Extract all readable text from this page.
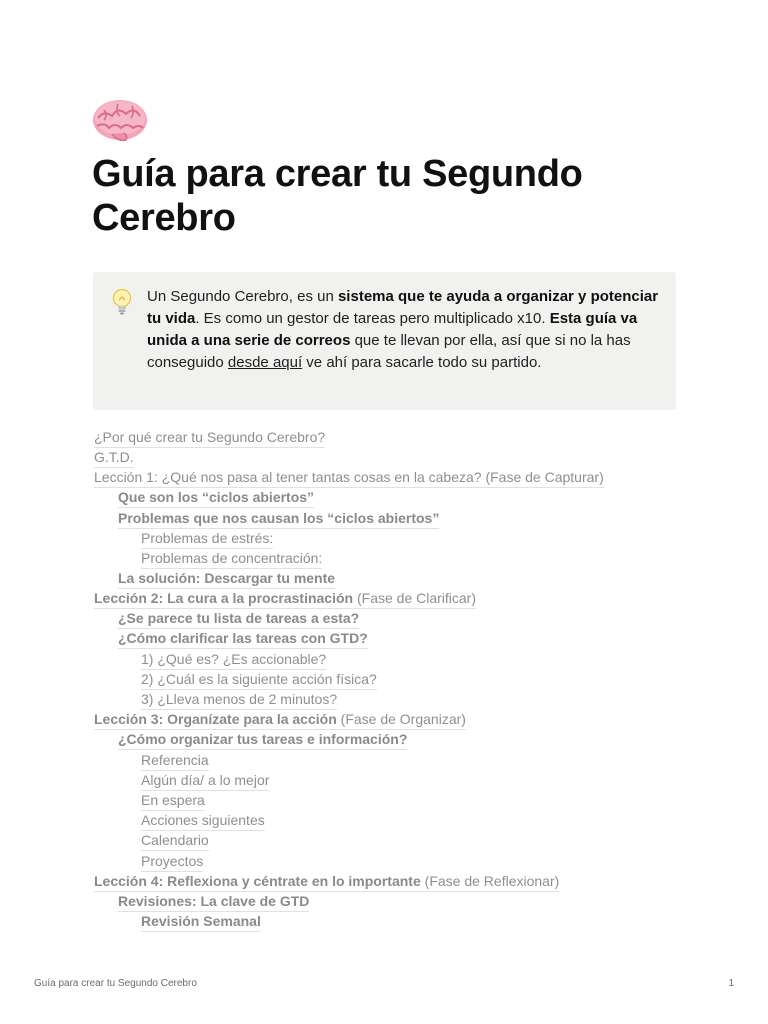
Guía para crear tu Segundo Cerebro
Un Segundo Cerebro, es un sistema que te ayuda a organizar y potenciar tu vida. Es como un gestor de tareas pero multiplicado x10. Esta guía va unida a una serie de correos que te llevan por ella, así que si no la has conseguido desde aquí ve ahí para sacarle todo su partido.
¿Por qué crear tu Segundo Cerebro?
G.T.D.
Lección 1: ¿Qué nos pasa al tener tantas cosas en la cabeza? (Fase de Capturar)
Que son los “ciclos abiertos”
Problemas que nos causan los “ciclos abiertos”
Problemas de estrés:
Problemas de concentración:
La solución: Descargar tu mente
Lección 2: La cura a la procrastinación (Fase de Clarificar)
¿Se parece tu lista de tareas a esta?
¿Cómo clarificar las tareas con GTD?
1) ¿Qué es? ¿Es accionable?
2) ¿Cuál es la siguiente acción física?
3) ¿Lleva menos de 2 minutos?
Lección 3: Organízate para la acción (Fase de Organizar)
¿Cómo organizar tus tareas e información?
Referencia
Algún día/ a lo mejor
En espera
Acciones siguientes
Calendario
Proyectos
Lección 4: Reflexiona y céntrate en lo importante (Fase de Reflexionar)
Revisiones: La clave de GTD
Revisión Semanal
Guía para crear tu Segundo Cerebro	1
